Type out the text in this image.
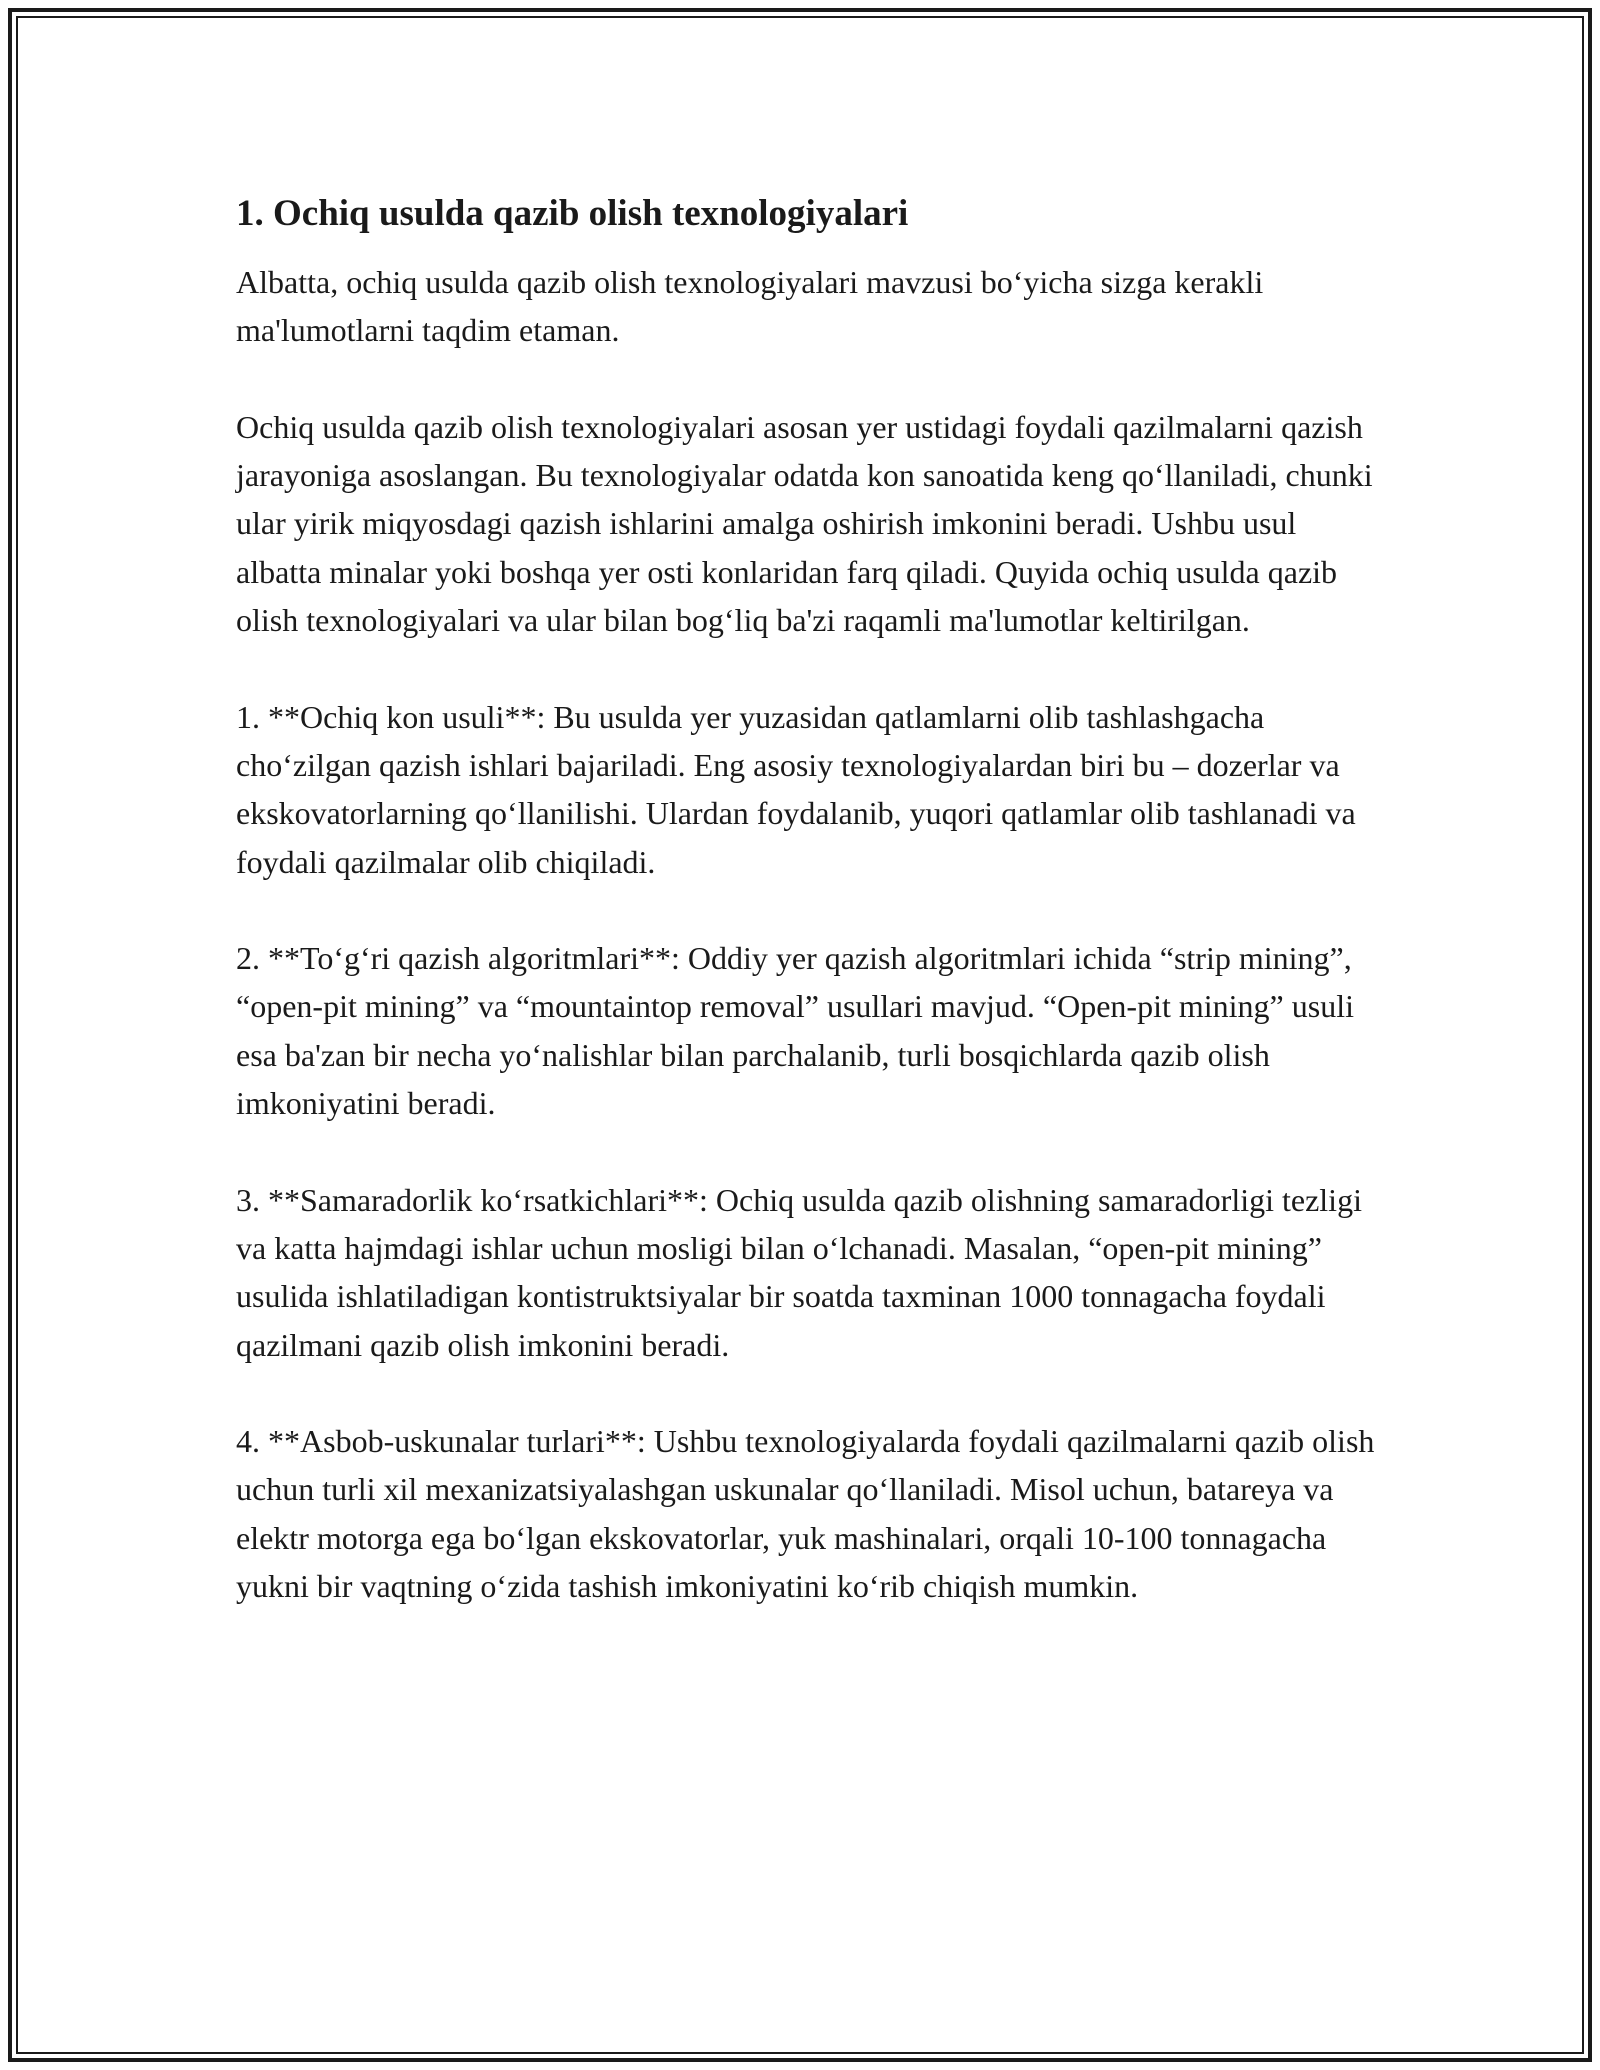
1. Ochiq usulda qazib olish texnologiyalari

Albatta, ochiq usulda qazib olish texnologiyalari mavzusi bo‘yicha sizga kerakli ma'lumotlarni taqdim etaman.

Ochiq usulda qazib olish texnologiyalari asosan yer ustidagi foydali qazilmalarni qazish jarayoniga asoslangan. Bu texnologiyalar odatda kon sanoatida keng qo‘llaniladi, chunki ular yirik miqyosdagi qazish ishlarini amalga oshirish imkonini beradi. Ushbu usul albatta minalar yoki boshqa yer osti konlaridan farq qiladi. Quyida ochiq usulda qazib olish texnologiyalari va ular bilan bog‘liq ba'zi raqamli ma'lumotlar keltirilgan.

1. **Ochiq kon usuli**: Bu usulda yer yuzasidan qatlamlarni olib tashlashgacha cho‘zilgan qazish ishlari bajariladi. Eng asosiy texnologiyalardan biri bu – dozerlar va ekskovatorlarning qo‘llanilishi. Ulardan foydalanib, yuqori qatlamlar olib tashlanadi va foydali qazilmalar olib chiqiladi.

2. **To‘g‘ri qazish algoritmlari**: Oddiy yer qazish algoritmlari ichida “strip mining”, “open-pit mining” va “mountaintop removal” usullari mavjud. “Open-pit mining” usuli esa ba'zan bir necha yo‘nalishlar bilan parchalanib, turli bosqichlarda qazib olish imkoniyatini beradi.

3. **Samaradorlik ko‘rsatkichlari**: Ochiq usulda qazib olishning samaradorligi tezligi va katta hajmdagi ishlar uchun mosligi bilan o‘lchanadi. Masalan, “open-pit mining” usulida ishlatiladigan kontistruktsiyalar bir soatda taxminan 1000 tonnagacha foydali qazilmani qazib olish imkonini beradi.

4. **Asbob-uskunalar turlari**: Ushbu texnologiyalarda foydali qazilmalarni qazib olish uchun turli xil mexanizatsiyalashgan uskunalar qo‘llaniladi. Misol uchun, batareya va elektr motorga ega bo‘lgan ekskovatorlar, yuk mashinalari, orqali 10-100 tonnagacha yukni bir vaqtning o‘zida tashish imkoniyatini ko‘rib chiqish mumkin.
